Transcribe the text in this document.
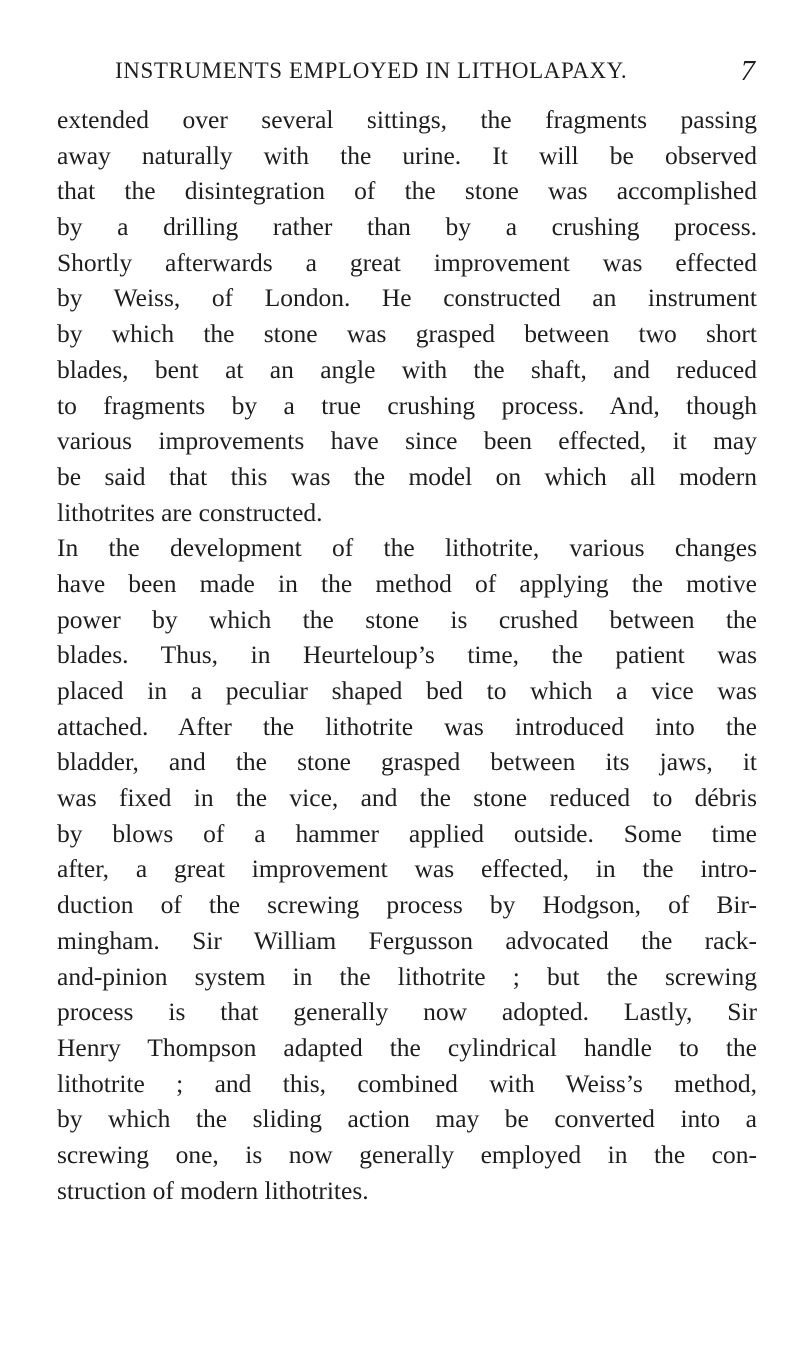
INSTRUMENTS EMPLOYED IN LITHOLAPAXY.	7
extended over several sittings, the fragments passing
away naturally with the urine. It will be observed
that the disintegration of the stone was accomplished
by a drilling rather than by a crushing process.
Shortly afterwards a great improvement was effected
by Weiss, of London. He constructed an instrument
by which the stone was grasped between two short
blades, bent at an angle with the shaft, and reduced
to fragments by a true crushing process. And, though
various improvements have since been effected, it may
be said that this was the model on which all modern
lithotrites are constructed.
In the development of the lithotrite, various changes
have been made in the method of applying the motive
power by which the stone is crushed between the
blades. Thus, in Heurteloup’s time, the patient was
placed in a peculiar shaped bed to which a vice was
attached. After the lithotrite was introduced into the
bladder, and the stone grasped between its jaws, it
was fixed in the vice, and the stone reduced to débris
by blows of a hammer applied outside. Some time
after, a great improvement was effected, in the intro-
duction of the screwing process by Hodgson, of Bir-
mingham. Sir William Fergusson advocated the rack-
and-pinion system in the lithotrite ; but the screwing
process is that generally now adopted. Lastly, Sir
Henry Thompson adapted the cylindrical handle to the
lithotrite ; and this, combined with Weiss’s method,
by which the sliding action may be converted into a
screwing one, is now generally employed in the con-
struction of modern lithotrites.
